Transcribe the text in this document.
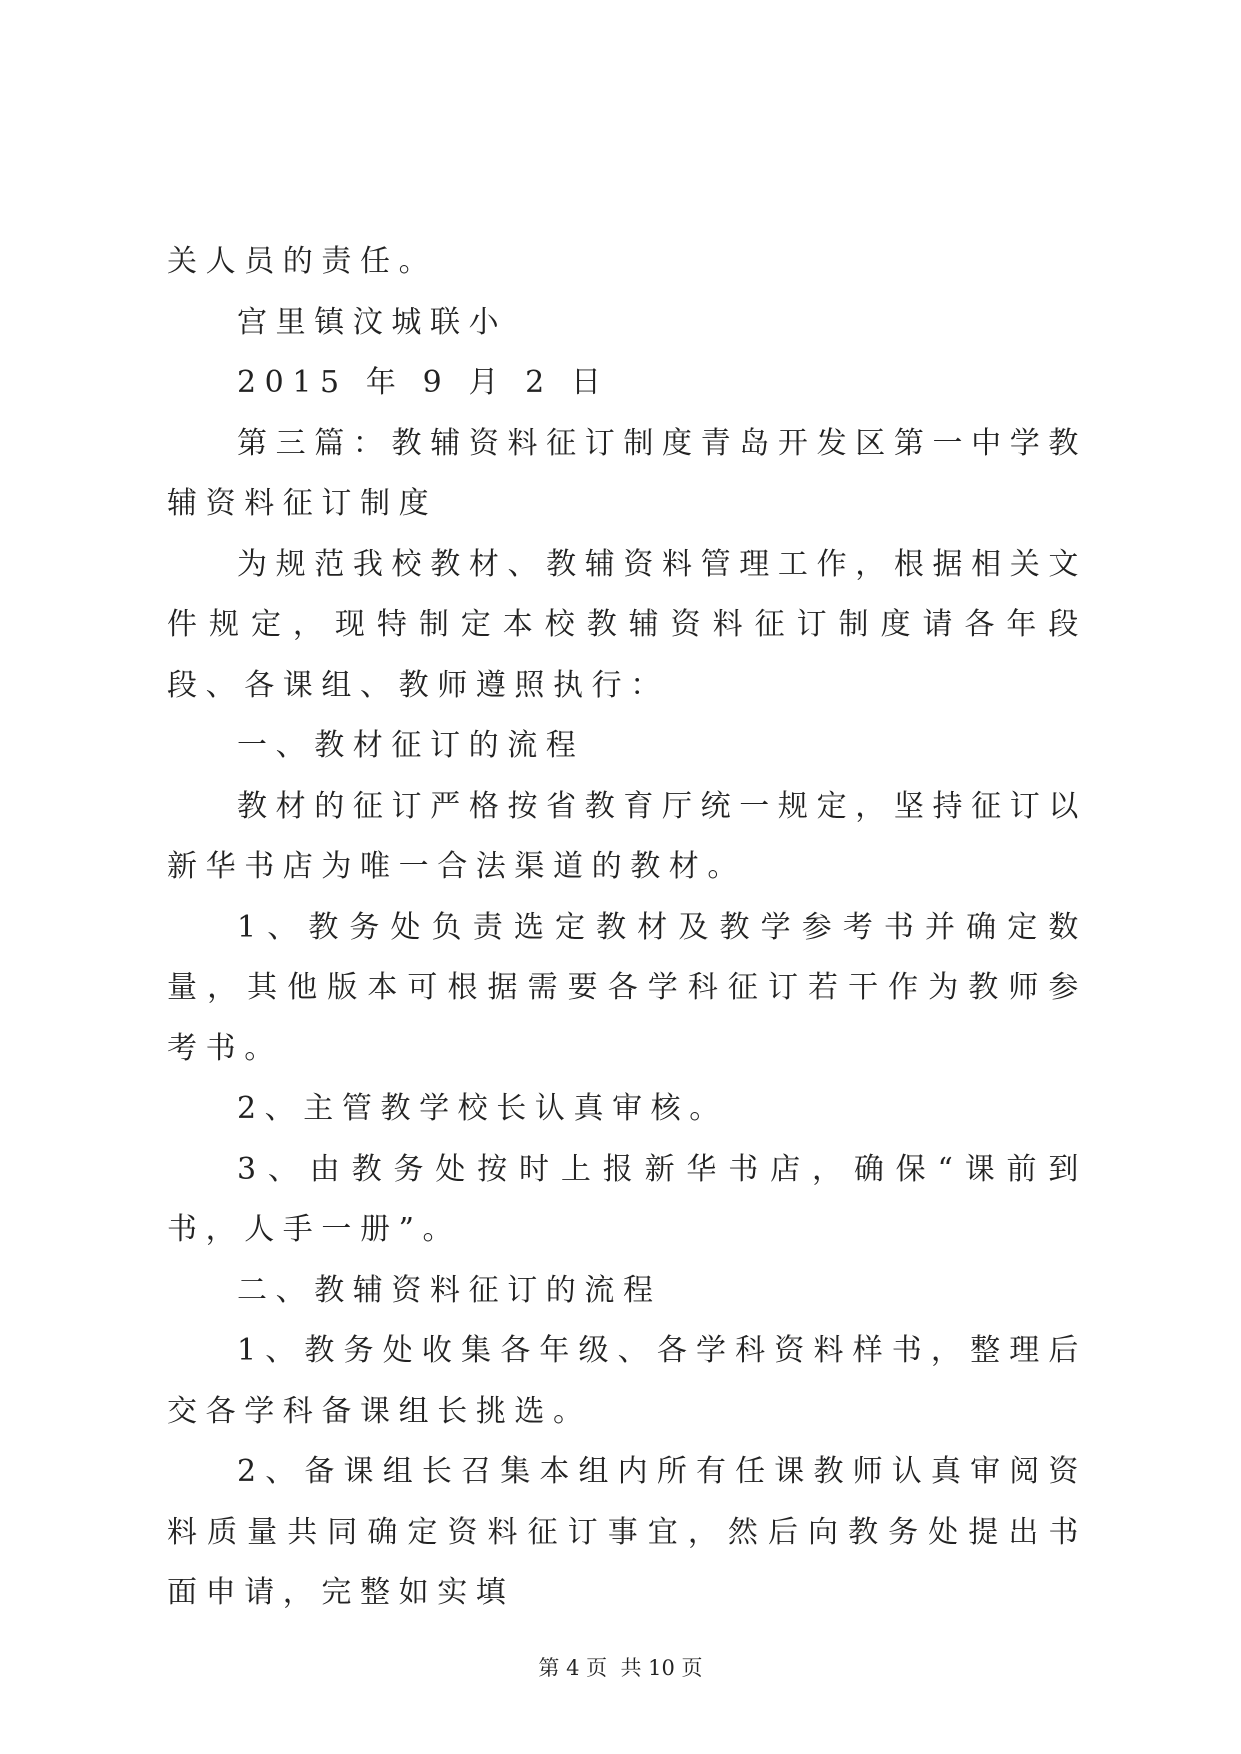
关人员的责任。

宫里镇汶城联小

2015 年 9 月 2 日

第三篇：教辅资料征订制度青岛开发区第一中学教辅资料征订制度

为规范我校教材、教辅资料管理工作，根据相关文件规定，现特制定本校教辅资料征订制度请各年段段、各课组、教师遵照执行：

一、教材征订的流程

教材的征订严格按省教育厅统一规定，坚持征订以新华书店为唯一合法渠道的教材。

1、教务处负责选定教材及教学参考书并确定数量，其他版本可根据需要各学科征订若干作为教师参考书。

2、主管教学校长认真审核。

3、由教务处按时上报新华书店，确保“课前到书，人手一册”。

二、教辅资料征订的流程

1、教务处收集各年级、各学科资料样书，整理后交各学科备课组长挑选。

2、备课组长召集本组内所有任课教师认真审阅资料质量共同确定资料征订事宜，然后向教务处提出书面申请，完整如实填

第 4 页  共 10 页
